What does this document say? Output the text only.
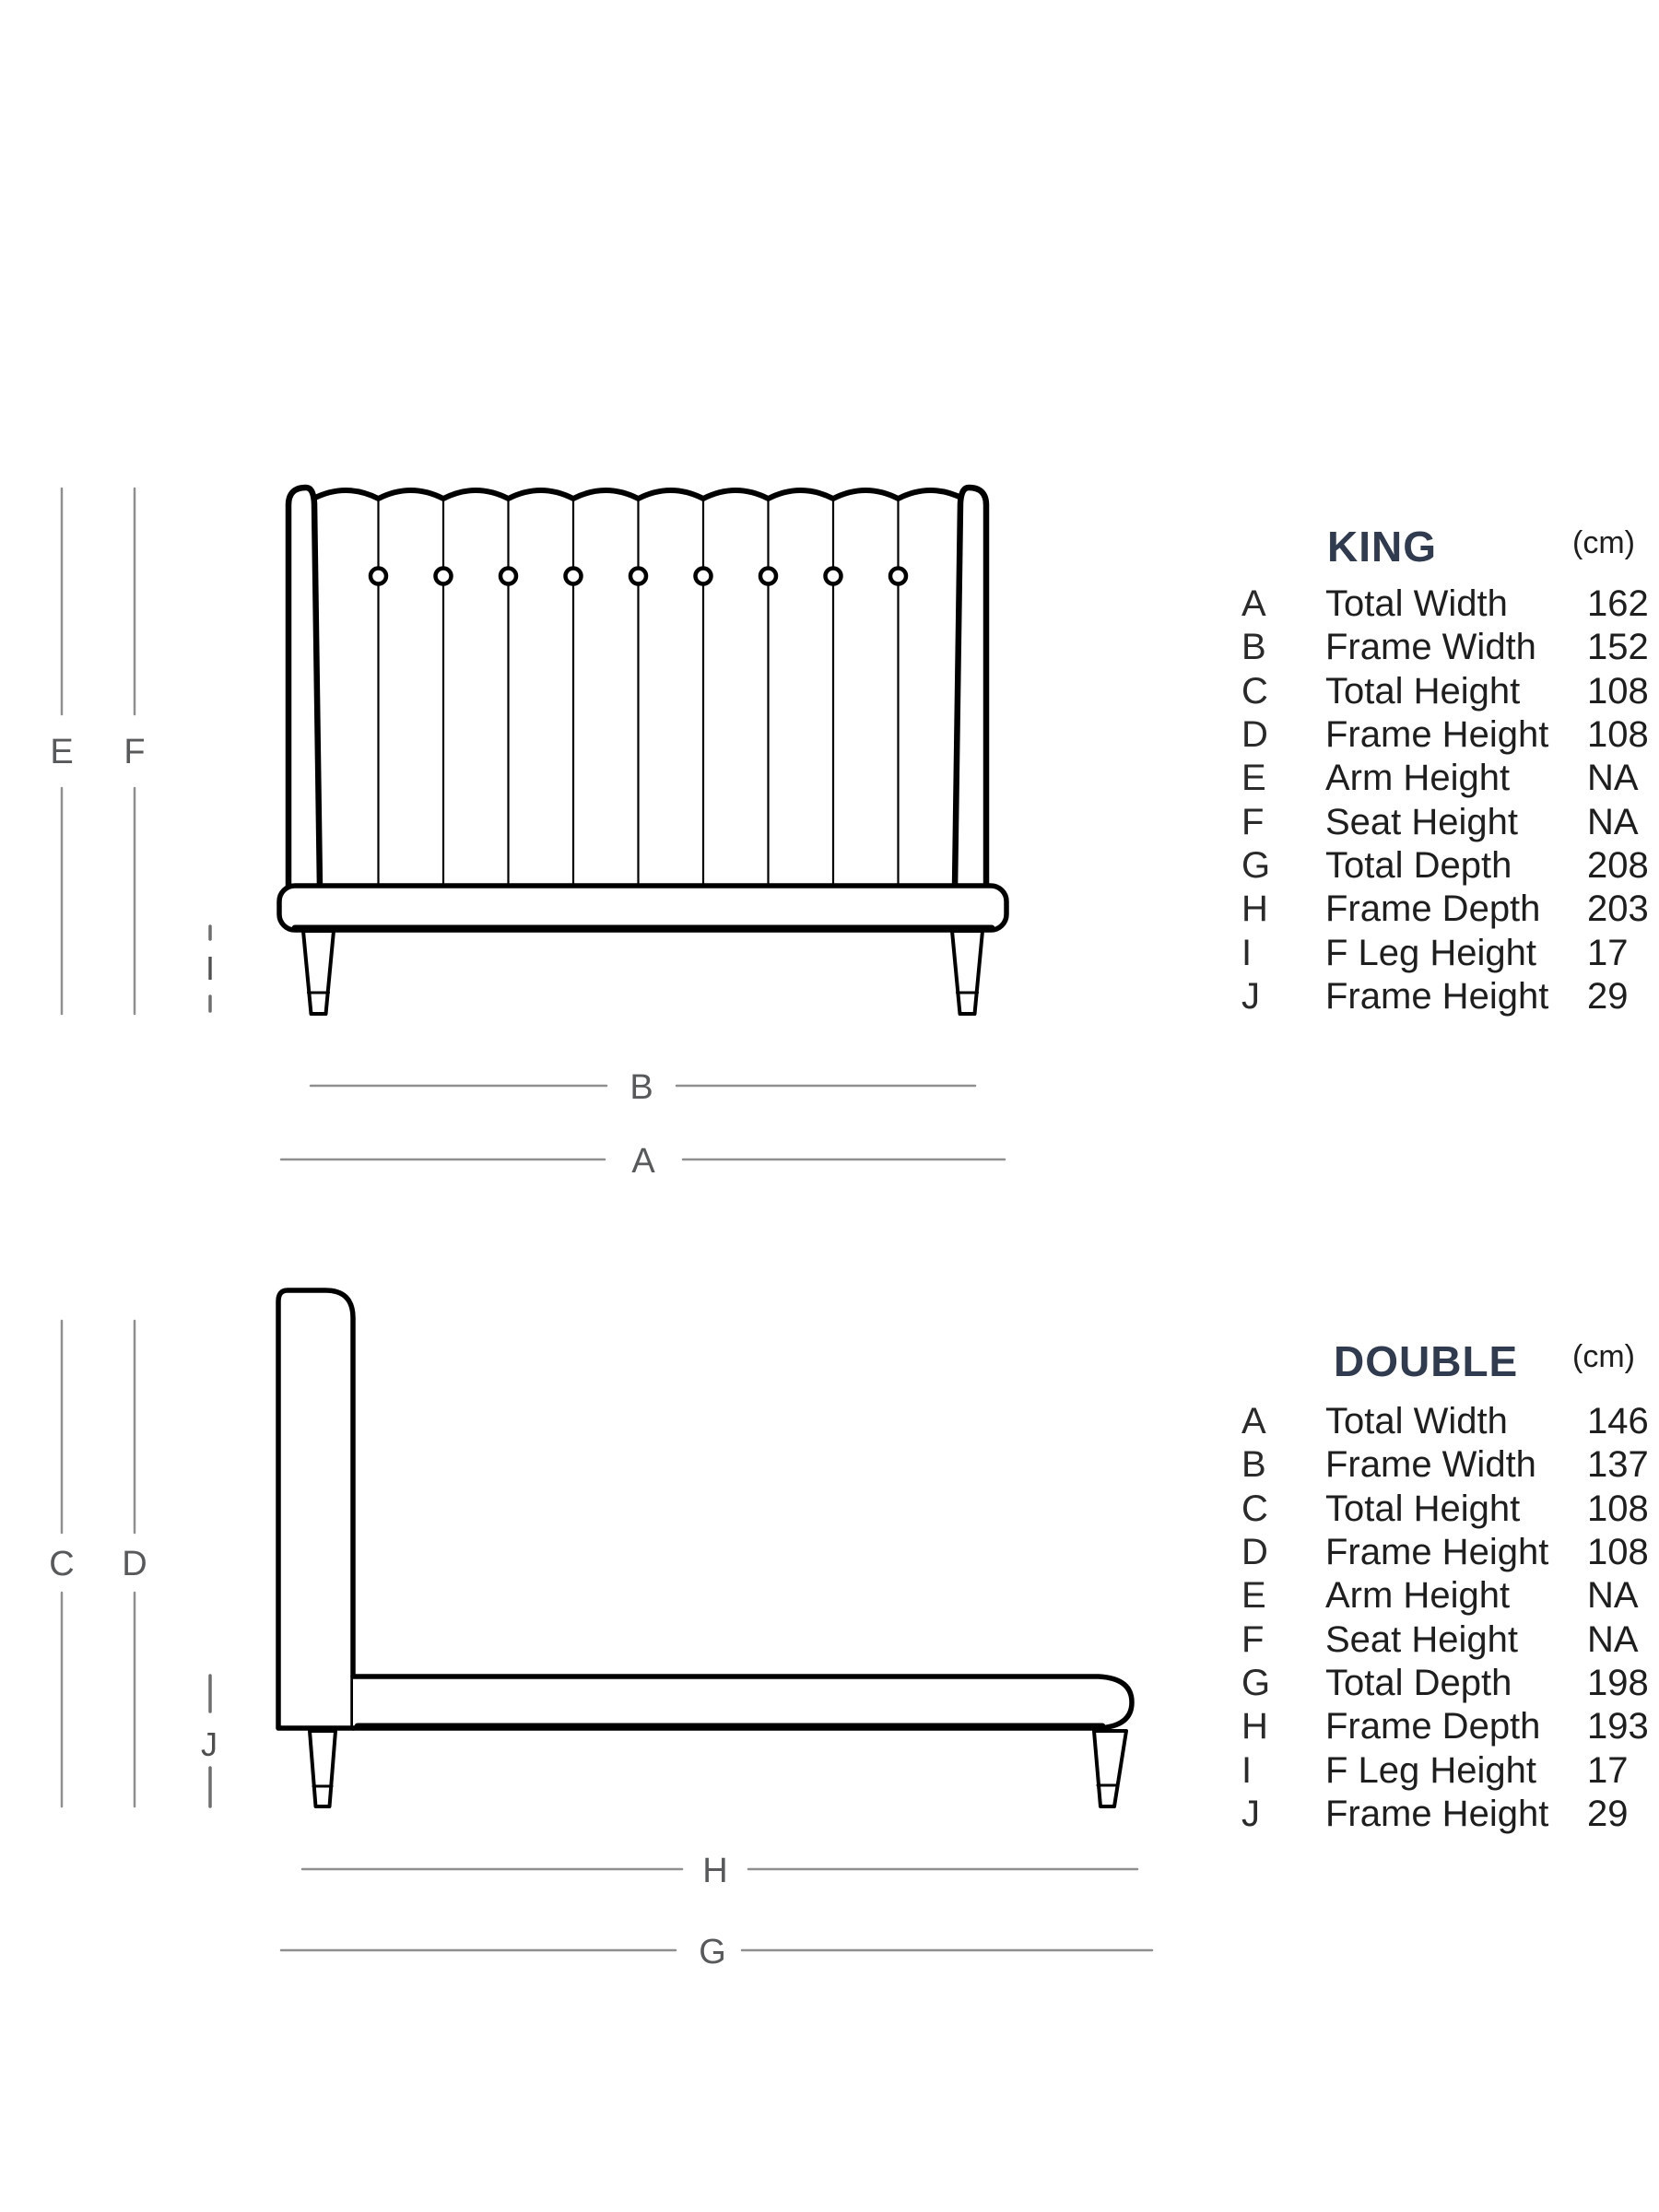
E F
I
B
A
C D
J
H
G
KING	(cm)
A	Total Width	162
B	Frame Width	152
C	Total Height	108
D	Frame Height	108
E	Arm Height	NA
F	Seat Height	NA
G	Total Depth	208
H	Frame Depth	203
I	F Leg Height	17
J	Frame Height	29
DOUBLE (cm)
A	Total Width	146
B	Frame Width	137
C	Total Height	108
D	Frame Height	108
E	Arm Height	NA
F	Seat Height	NA
G	Total Depth	198
H	Frame Depth	193
I	F Leg Height	17
J	Frame Height	29
